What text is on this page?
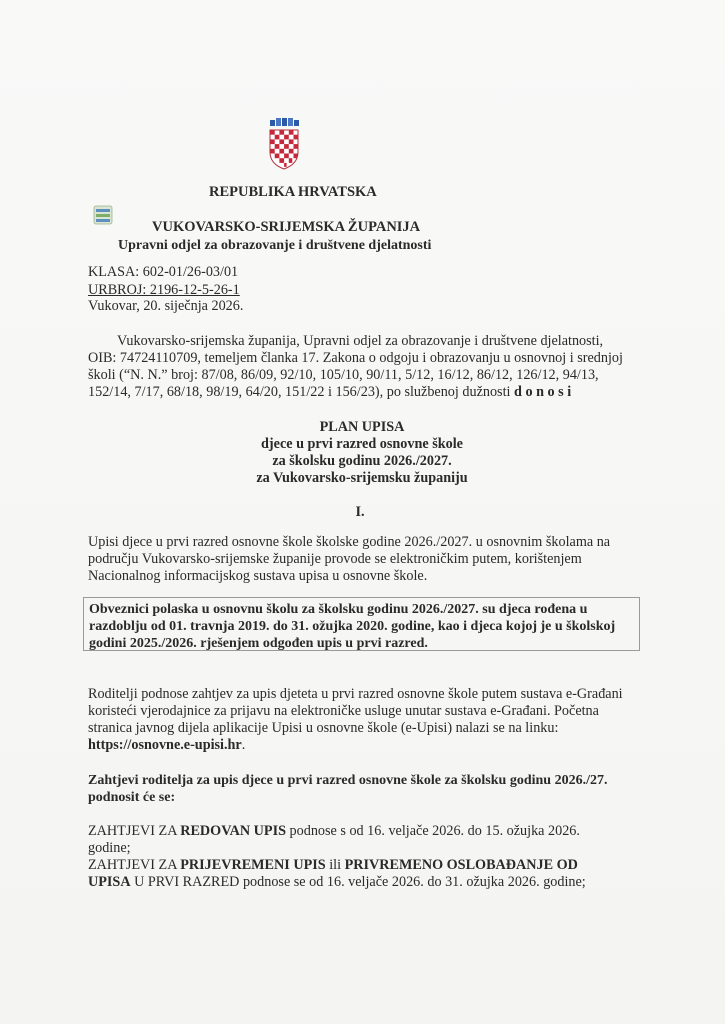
REPUBLIKA HRVATSKA
VUKOVARSKO-SRIJEMSKA ŽUPANIJA
Upravni odjel za obrazovanje i društvene djelatnosti
KLASA: 602-01/26-03/01
URBROJ: 2196-12-5-26-1
Vukovar, 20. siječnja 2026.
Vukovarsko-srijemska županija, Upravni odjel za obrazovanje i društvene djelatnosti,
OIB: 74724110709, temeljem članka 17. Zakona o odgoju i obrazovanju u osnovnoj i srednjoj
školi (“N. N.” broj: 87/08, 86/09, 92/10, 105/10, 90/11, 5/12, 16/12, 86/12, 126/12, 94/13,
152/14, 7/17, 68/18, 98/19, 64/20, 151/22 i 156/23), po službenoj dužnosti d o n o s i
PLAN UPISA
djece u prvi razred osnovne škole
za školsku godinu 2026./2027.
za Vukovarsko-srijemsku županiju
I.
Upisi djece u prvi razred osnovne škole školske godine 2026./2027. u osnovnim školama na
području Vukovarsko-srijemske županije provode se elektroničkim putem, korištenjem
Nacionalnog informacijskog sustava upisa u osnovne škole.
Obveznici polaska u osnovnu školu za školsku godinu 2026./2027. su djeca rođena u
razdoblju od 01. travnja 2019. do 31. ožujka 2020. godine, kao i djeca kojoj je u školskoj
godini 2025./2026. rješenjem odgođen upis u prvi razred.
Roditelji podnose zahtjev za upis djeteta u prvi razred osnovne škole putem sustava e-Građani
koristeći vjerodajnice za prijavu na elektroničke usluge unutar sustava e-Građani. Početna
stranica javnog dijela aplikacije Upisi u osnovne škole (e-Upisi) nalazi se na linku:
https://osnovne.e-upisi.hr.
Zahtjevi roditelja za upis djece u prvi razred osnovne škole za školsku godinu 2026./27.
podnosit će se:
ZAHTJEVI ZA REDOVAN UPIS podnose s od 16. veljače 2026. do 15. ožujka 2026.
godine;
ZAHTJEVI ZA PRIJEVREMENI UPIS ili PRIVREMENO OSLOBAĐANJE OD
UPISA U PRVI RAZRED podnose se od 16. veljače 2026. do 31. ožujka 2026. godine;
